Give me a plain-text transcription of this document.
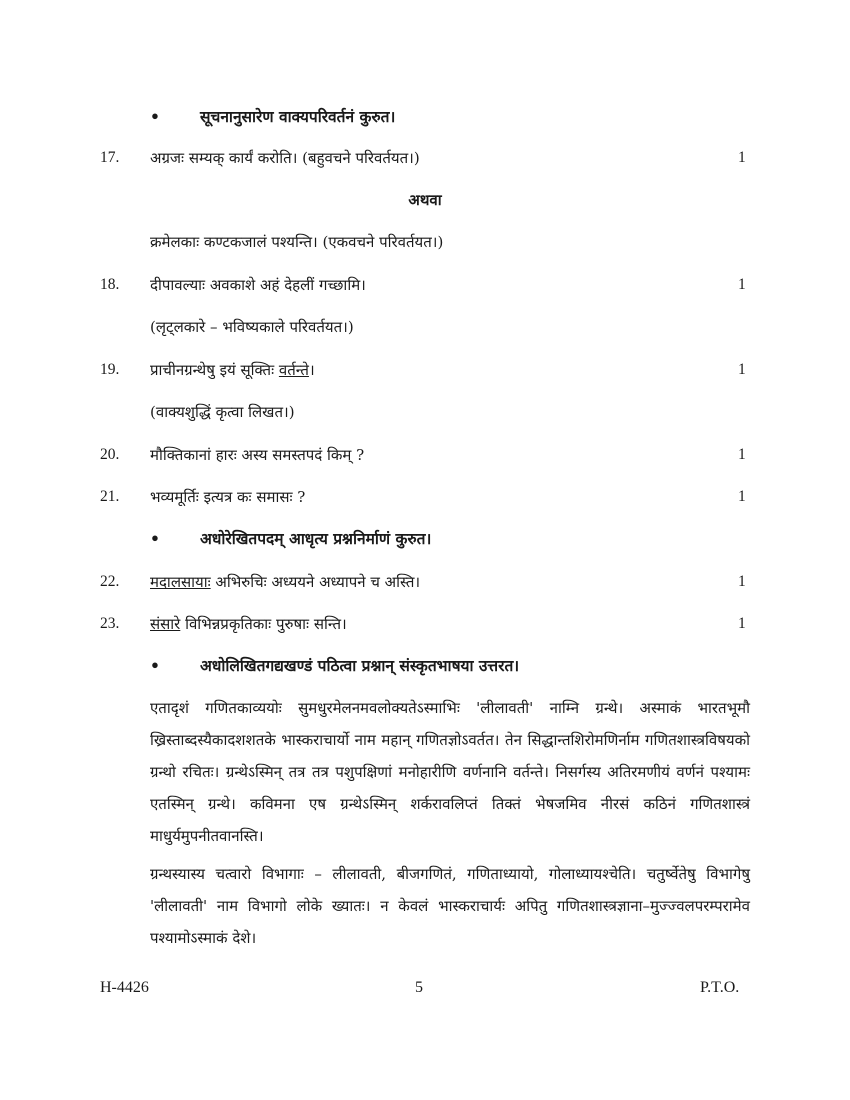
•	सूचनानुसारेण वाक्यपरिवर्तनं कुरुत।
17. अग्रजः सम्यक् कार्यं करोति। (बहुवचने परिवर्तयत।)	1
अथवा
क्रमेलकाः कण्टकजालं पश्यन्ति। (एकवचने परिवर्तयत।)
18. दीपावल्याः अवकाशे अहं देहलीं गच्छामि।	1
(लृट्लकारे – भविष्यकाले परिवर्तयत।)
19. प्राचीनग्रन्थेषु इयं सूक्तिः वर्तन्ते।	1
(वाक्यशुद्धिं कृत्वा लिखत।)
20. मौक्तिकानां हारः अस्य समस्तपदं किम् ?	1
21. भव्यमूर्तिः इत्यत्र कः समासः ?	1
•	अधोरेखितपदम् आधृत्य प्रश्ननिर्माणं कुरुत।
22. मदालसायाः अभिरुचिः अध्ययने अध्यापने च अस्ति।	1
23. संसारे विभिन्नप्रकृतिकाः पुरुषाः सन्ति।	1
•	अधोलिखितगद्यखण्डं पठित्वा प्रश्नान् संस्कृतभाषया उत्तरत।

एतादृशं गणितकाव्ययोः सुमधुरमेलनमवलोक्यतेऽस्माभिः 'लीलावती' नाम्नि ग्रन्थे। अस्माकं भारतभूमौ ख्रिस्ताब्दस्यैकादशशतके भास्कराचार्यो नाम महान् गणितज्ञोऽवर्तत। तेन सिद्धान्तशिरोमणिर्नाम गणितशास्त्रविषयको ग्रन्थो रचितः। ग्रन्थेऽस्मिन् तत्र तत्र पशुपक्षिणां मनोहारीणि वर्णनानि वर्तन्ते। निसर्गस्य अतिरमणीयं वर्णनं पश्यामः एतस्मिन् ग्रन्थे। कविमना एष ग्रन्थेऽस्मिन् शर्करावलिप्तं तिक्तं भेषजमिव नीरसं कठिनं गणितशास्त्रं माधुर्यमुपनीतवानस्ति।

ग्रन्थस्यास्य चत्वारो विभागाः – लीलावती, बीजगणितं, गणिताध्यायो, गोलाध्यायश्चेति। चतुर्ष्वेतेषु विभागेषु 'लीलावती' नाम विभागो लोके ख्यातः। न केवलं भास्कराचार्यः अपितु गणितशास्त्रज्ञाना–मुज्ज्वलपरम्परामेव पश्यामोऽस्माकं देशे।

H-4426	5	P.T.O.
